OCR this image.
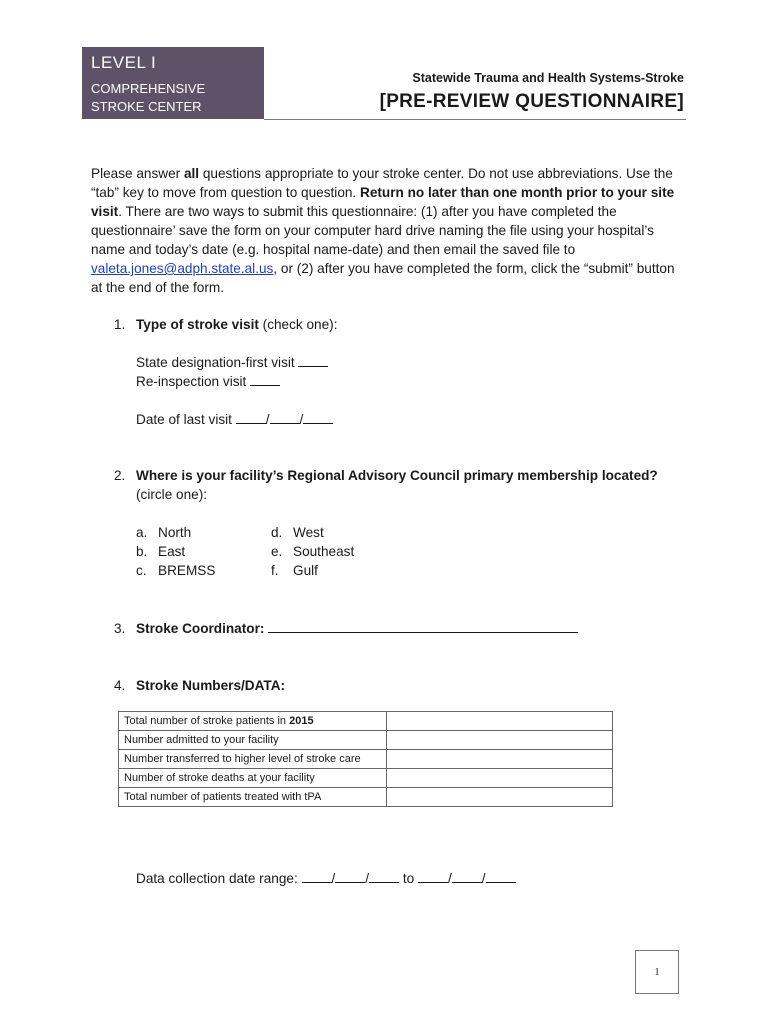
LEVEL I
COMPREHENSIVE
STROKE CENTER
Statewide Trauma and Health Systems-Stroke
[PRE-REVIEW QUESTIONNAIRE]
Please answer all questions appropriate to your stroke center. Do not use abbreviations. Use the “tab” key to move from question to question. Return no later than one month prior to your site visit. There are two ways to submit this questionnaire: (1) after you have completed the questionnaire’ save the form on your computer hard drive naming the file using your hospital’s name and today’s date (e.g. hospital name-date) and then email the saved file to valeta.jones@adph.state.al.us, or (2) after you have completed the form, click the “submit” button at the end of the form.
1. Type of stroke visit (check one):
State designation-first visit
Re-inspection visit
Date of last visit / /
2. Where is your facility’s Regional Advisory Council primary membership located?
(circle one):
a. North
b. East
c. BREMSS
d. West
e. Southeast
f. Gulf
3. Stroke Coordinator:
4. Stroke Numbers/DATA:
Total number of stroke patients in 2015	
Number admitted to your facility	
Number transferred to higher level of stroke care	
Number of stroke deaths at your facility	
Total number of patients treated with tPA	
Data collection date range: / / to / /
1
